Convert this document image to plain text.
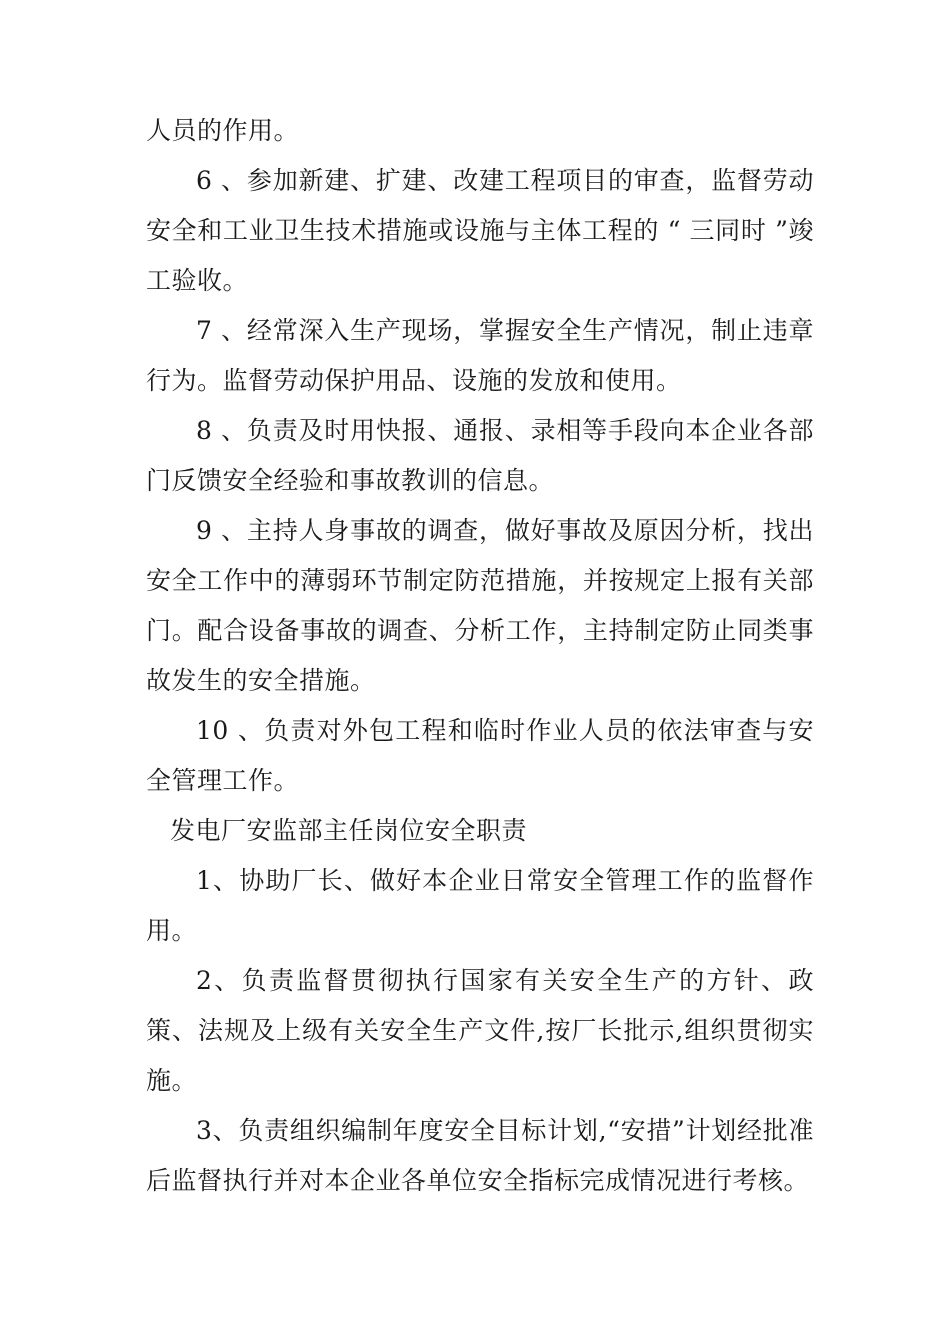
人员的作用。

6 、参加新建、扩建、改建工程项目的审查，监督劳动安全和工业卫生技术措施或设施与主体工程的 “ 三同时 ”竣工验收。

7 、经常深入生产现场，掌握安全生产情况，制止违章行为。监督劳动保护用品、设施的发放和使用。

8 、负责及时用快报、通报、录相等手段向本企业各部门反馈安全经验和事故教训的信息。

9 、主持人身事故的调查，做好事故及原因分析，找出安全工作中的薄弱环节制定防范措施，并按规定上报有关部门。配合设备事故的调查、分析工作，主持制定防止同类事故发生的安全措施。

10 、负责对外包工程和临时作业人员的依法审查与安全管理工作。

发电厂安监部主任岗位安全职责

1、协助厂长、做好本企业日常安全管理工作的监督作用。

2、负责监督贯彻执行国家有关安全生产的方针、政策、法规及上级有关安全生产文件,按厂长批示,组织贯彻实施。

3、负责组织编制年度安全目标计划,“安措”计划经批准后监督执行并对本企业各单位安全指标完成情况进行考核。
